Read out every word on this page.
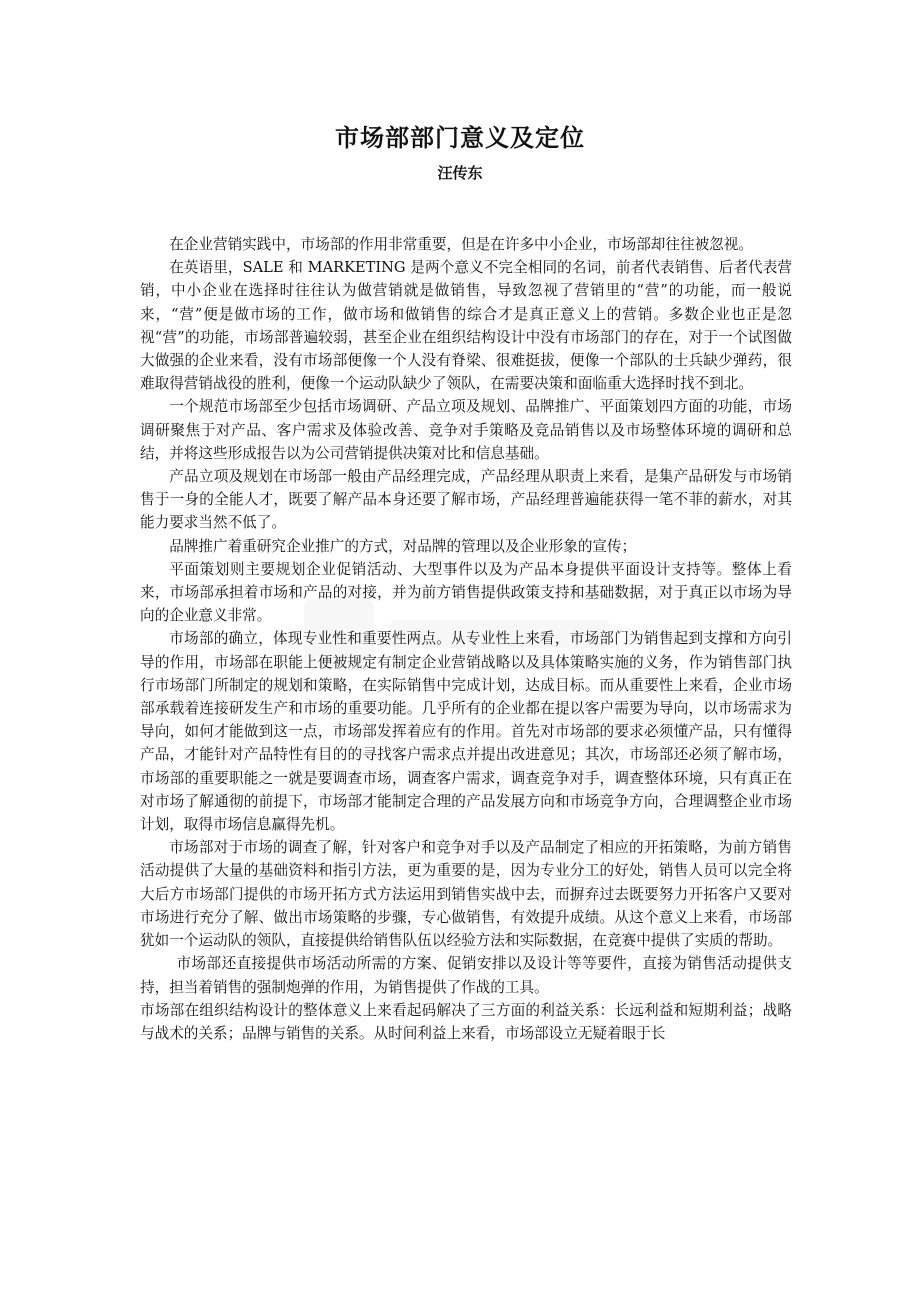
市场部部门意义及定位
汪传东

在企业营销实践中，市场部的作用非常重要，但是在许多中小企业，市场部却往往被忽视。

在英语里，SALE 和 MARKETING 是两个意义不完全相同的名词，前者代表销售、后者代表营销，中小企业在选择时往往认为做营销就是做销售，导致忽视了营销里的“营”的功能，而一般说来，“营”便是做市场的工作，做市场和做销售的综合才是真正意义上的营销。多数企业也正是忽视“营”的功能，市场部普遍较弱，甚至企业在组织结构设计中没有市场部门的存在，对于一个试图做大做强的企业来看，没有市场部便像一个人没有脊梁、很难挺拔，便像一个部队的士兵缺少弹药，很难取得营销战役的胜利，便像一个运动队缺少了领队，在需要决策和面临重大选择时找不到北。

一个规范市场部至少包括市场调研、产品立项及规划、品牌推广、平面策划四方面的功能，市场调研聚焦于对产品、客户需求及体验改善、竞争对手策略及竞品销售以及市场整体环境的调研和总结，并将这些形成报告以为公司营销提供决策对比和信息基础。

产品立项及规划在市场部一般由产品经理完成，产品经理从职责上来看，是集产品研发与市场销售于一身的全能人才，既要了解产品本身还要了解市场，产品经理普遍能获得一笔不菲的薪水，对其能力要求当然不低了。

品牌推广着重研究企业推广的方式，对品牌的管理以及企业形象的宣传；

平面策划则主要规划企业促销活动、大型事件以及为产品本身提供平面设计支持等。整体上看来，市场部承担着市场和产品的对接，并为前方销售提供政策支持和基础数据，对于真正以市场为导向的企业意义非常。

市场部的确立，体现专业性和重要性两点。从专业性上来看，市场部门为销售起到支撑和方向引导的作用，市场部在职能上便被规定有制定企业营销战略以及具体策略实施的义务，作为销售部门执行市场部门所制定的规划和策略，在实际销售中完成计划，达成目标。而从重要性上来看，企业市场部承载着连接研发生产和市场的重要功能。几乎所有的企业都在提以客户需要为导向，以市场需求为导向，如何才能做到这一点，市场部发挥着应有的作用。首先对市场部的要求必须懂产品，只有懂得产品，才能针对产品特性有目的的寻找客户需求点并提出改进意见；其次，市场部还必须了解市场，市场部的重要职能之一就是要调查市场，调查客户需求，调查竞争对手，调查整体环境，只有真正在对市场了解通彻的前提下，市场部才能制定合理的产品发展方向和市场竞争方向，合理调整企业市场计划，取得市场信息赢得先机。

市场部对于市场的调查了解，针对客户和竞争对手以及产品制定了相应的开拓策略，为前方销售活动提供了大量的基础资料和指引方法，更为重要的是，因为专业分工的好处，销售人员可以完全将大后方市场部门提供的市场开拓方式方法运用到销售实战中去，而摒弃过去既要努力开拓客户又要对市场进行充分了解、做出市场策略的步骤，专心做销售，有效提升成绩。从这个意义上来看，市场部犹如一个运动队的领队，直接提供给销售队伍以经验方法和实际数据，在竞赛中提供了实质的帮助。

市场部还直接提供市场活动所需的方案、促销安排以及设计等等要件，直接为销售活动提供支持，担当着销售的强制炮弹的作用，为销售提供了作战的工具。

市场部在组织结构设计的整体意义上来看起码解决了三方面的利益关系：长远利益和短期利益；战略与战术的关系；品牌与销售的关系。从时间利益上来看，市场部设立无疑着眼于长
